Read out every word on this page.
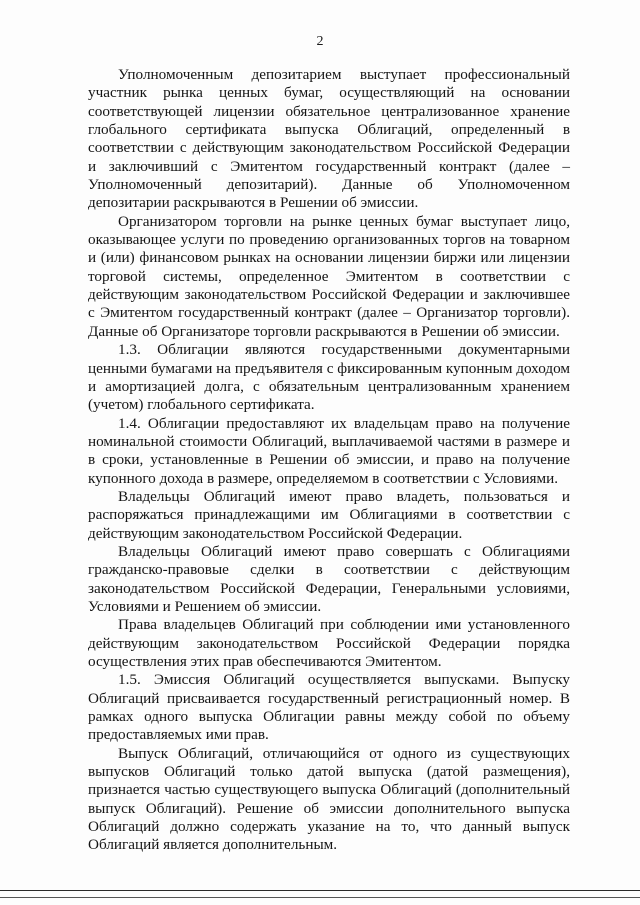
2

Уполномоченным депозитарием выступает профессиональный участник рынка ценных бумаг, осуществляющий на основании соответствующей лицензии обязательное централизованное хранение глобального сертификата выпуска Облигаций, определенный в соответствии с действующим законодательством Российской Федерации и заключивший с Эмитентом государственный контракт (далее – Уполномоченный депозитарий). Данные об Уполномоченном депозитарии раскрываются в Решении об эмиссии.

Организатором торговли на рынке ценных бумаг выступает лицо, оказывающее услуги по проведению организованных торгов на товарном и (или) финансовом рынках на основании лицензии биржи или лицензии торговой системы, определенное Эмитентом в соответствии с действующим законодательством Российской Федерации и заключившее с Эмитентом государственный контракт (далее – Организатор торговли). Данные об Организаторе торговли раскрываются в Решении об эмиссии.

1.3. Облигации являются государственными документарными ценными бумагами на предъявителя с фиксированным купонным доходом и амортизацией долга, с обязательным централизованным хранением (учетом) глобального сертификата.

1.4. Облигации предоставляют их владельцам право на получение номинальной стоимости Облигаций, выплачиваемой частями в размере и в сроки, установленные в Решении об эмиссии, и право на получение купонного дохода в размере, определяемом в соответствии с Условиями.

Владельцы Облигаций имеют право владеть, пользоваться и распоряжаться принадлежащими им Облигациями в соответствии с действующим законодательством Российской Федерации.

Владельцы Облигаций имеют право совершать с Облигациями гражданско-правовые сделки в соответствии с действующим законодательством Российской Федерации, Генеральными условиями, Условиями и Решением об эмиссии.

Права владельцев Облигаций при соблюдении ими установленного действующим законодательством Российской Федерации порядка осуществления этих прав обеспечиваются Эмитентом.

1.5. Эмиссия Облигаций осуществляется выпусками. Выпуску Облигаций присваивается государственный регистрационный номер. В рамках одного выпуска Облигации равны между собой по объему предоставляемых ими прав.

Выпуск Облигаций, отличающийся от одного из существующих выпусков Облигаций только датой выпуска (датой размещения), признается частью существующего выпуска Облигаций (дополнительный выпуск Облигаций). Решение об эмиссии дополнительного выпуска Облигаций должно содержать указание на то, что данный выпуск Облигаций является дополнительным.
